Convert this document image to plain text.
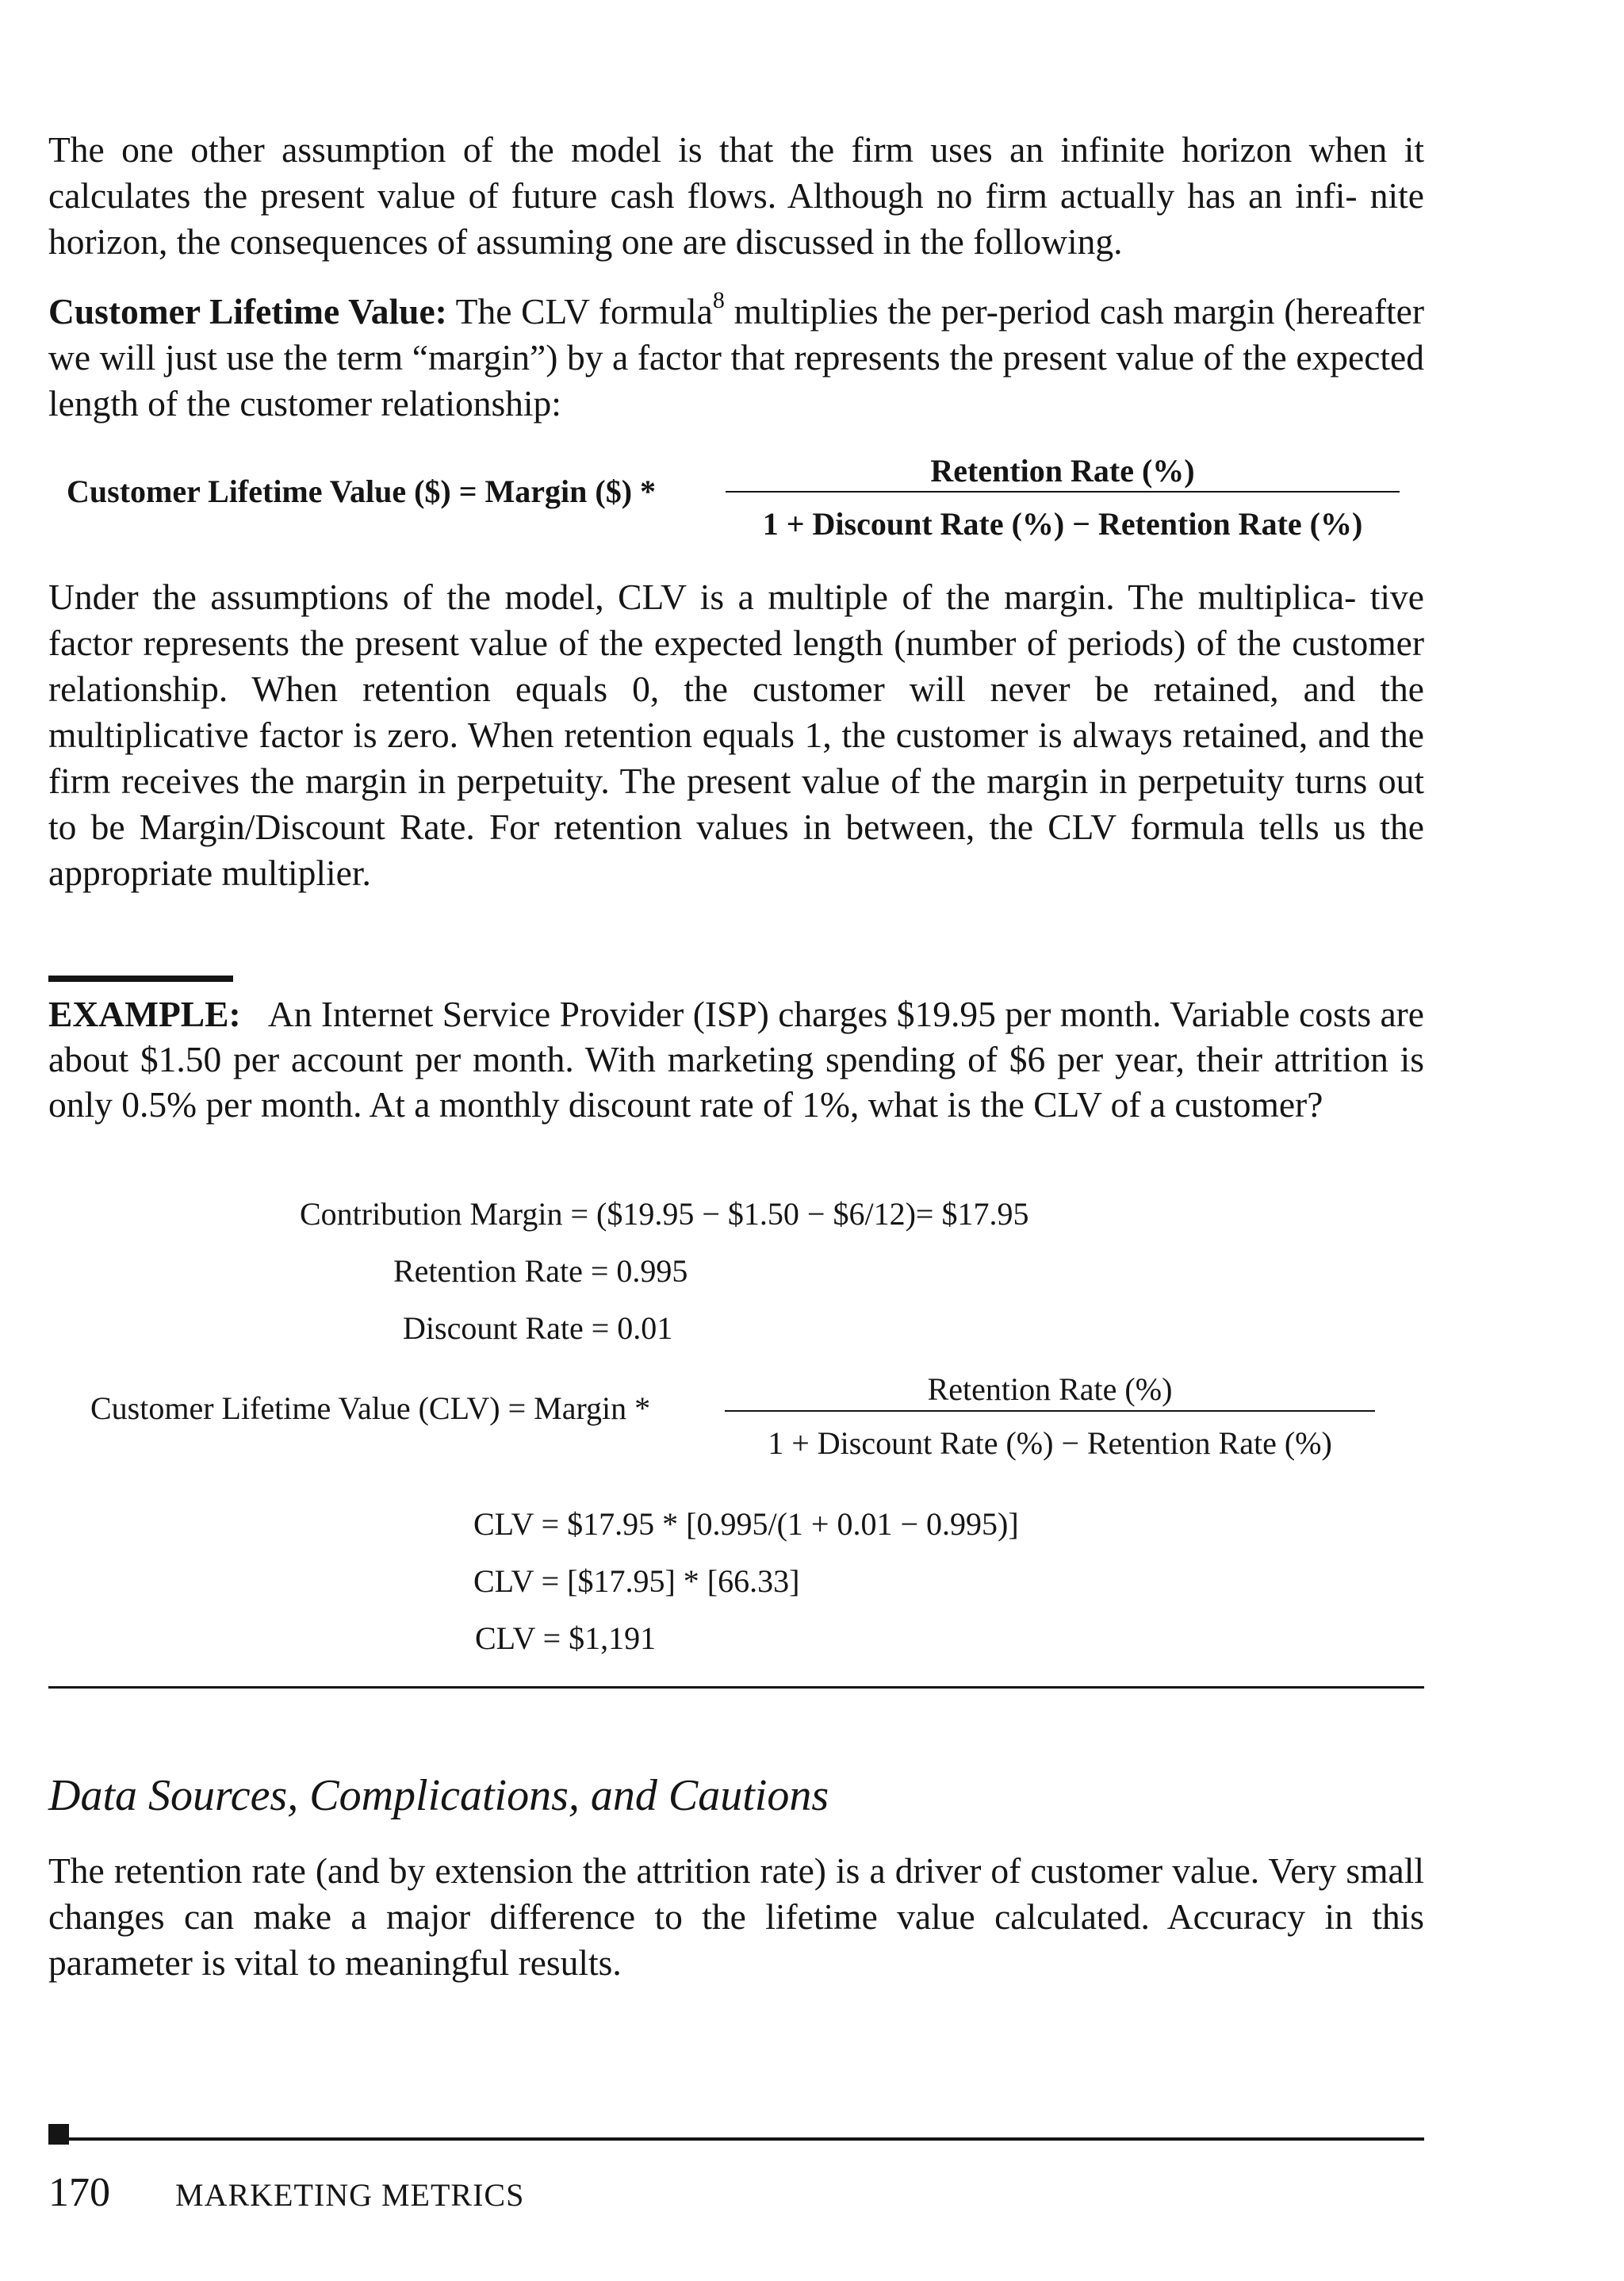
The one other assumption of the model is that the firm uses an infinite horizon when it calculates the present value of future cash flows. Although no firm actually has an infi- nite horizon, the consequences of assuming one are discussed in the following.

Customer Lifetime Value: The CLV formula$^8$ multiplies the per-period cash margin (hereafter we will just use the term “margin”) by a factor that represents the present value of the expected length of the customer relationship:

Customer Lifetime Value ($) = Margin ($) *
Retention Rate (%)
1 + Discount Rate (%) − Retention Rate (%)

Under the assumptions of the model, CLV is a multiple of the margin. The multiplica- tive factor represents the present value of the expected length (number of periods) of the customer relationship. When retention equals 0, the customer will never be retained, and the multiplicative factor is zero. When retention equals 1, the customer is always retained, and the firm receives the margin in perpetuity. The present value of the margin in perpetuity turns out to be Margin/Discount Rate. For retention values in between, the CLV formula tells us the appropriate multiplier.

EXAMPLE: An Internet Service Provider (ISP) charges $19.95 per month. Variable costs are about $1.50 per account per month. With marketing spending of $6 per year, their attrition is only 0.5% per month. At a monthly discount rate of 1%, what is the CLV of a customer?

Contribution Margin = ($19.95 − $1.50 − $6/12)= $17.95
Retention Rate = 0.995
Discount Rate = 0.01
Customer Lifetime Value (CLV) = Margin *
Retention Rate (%)
1 + Discount Rate (%) − Retention Rate (%)
CLV = $17.95 * [0.995/(1 + 0.01 − 0.995)]
CLV = [$17.95] * [66.33]
CLV = $1,191
Data Sources, Complications, and Cautions

The retention rate (and by extension the attrition rate) is a driver of customer value. Very small changes can make a major difference to the lifetime value calculated. Accuracy in this parameter is vital to meaningful results.

170 MARKETING METRICS
